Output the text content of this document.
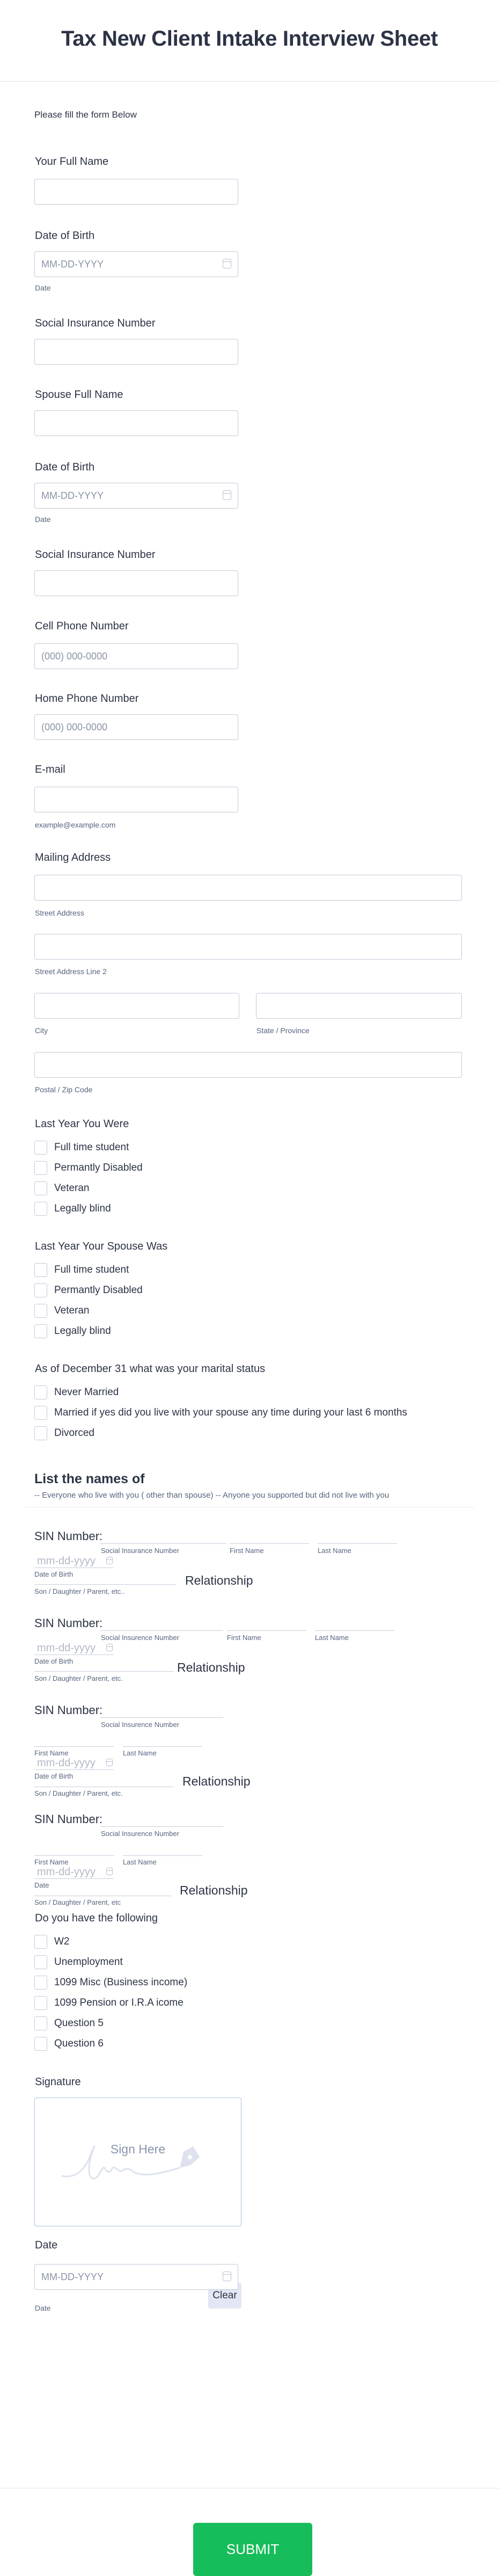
Tax New Client Intake Interview Sheet

Please fill the form Below

Your Full Name
Date of Birth
MM-DD-YYYY
Date
Social Insurance Number
Spouse Full Name
Date of Birth
MM-DD-YYYY
Date
Social Insurance Number
Cell Phone Number
(000) 000-0000
Home Phone Number
(000) 000-0000
E-mail
example@example.com
Mailing Address
Street Address
Street Address Line 2
City	State / Province
Postal / Zip Code
Last Year You Were
Full time student
Permantly Disabled
Veteran
Legally blind
Last Year Your Spouse Was
Full time student
Permantly Disabled
Veteran
Legally blind
As of December 31 what was your marital status
Never Married
Married if yes did you live with your spouse any time during your last 6 months
Divorced
Do you have the following
W2
Unemployment
1099 Misc (Business income)
1099 Pension or I.R.A icome
Question 5
Question 6
List the names of

-- Everyone who live with you ( other than spouse) -- Anyone you supported but did not live with you

SIN Number:
Social Insurance Number	First Name	Last Name
mm-dd-yyyy
Date of Birth	Relationship
Son / Daughter / Parent, etc..
SIN Number:
Social Insurence Number	First Name	Last Name
mm-dd-yyyy
Date of Birth	Relationship
Son / Daughter / Parent, etc.
SIN Number:
Social Insurence Number
First Name	Last Name
mm-dd-yyyy
Date of Birth	Relationship
Son / Daughter / Parent, etc.
SIN Number:
Social Insurence Number
First Name	Last Name
mm-dd-yyyy
Date	Relationship
Son / Daughter / Parent, etc
Signature
Sign Here
Clear
Date
MM-DD-YYYY
Date
SUBMIT
